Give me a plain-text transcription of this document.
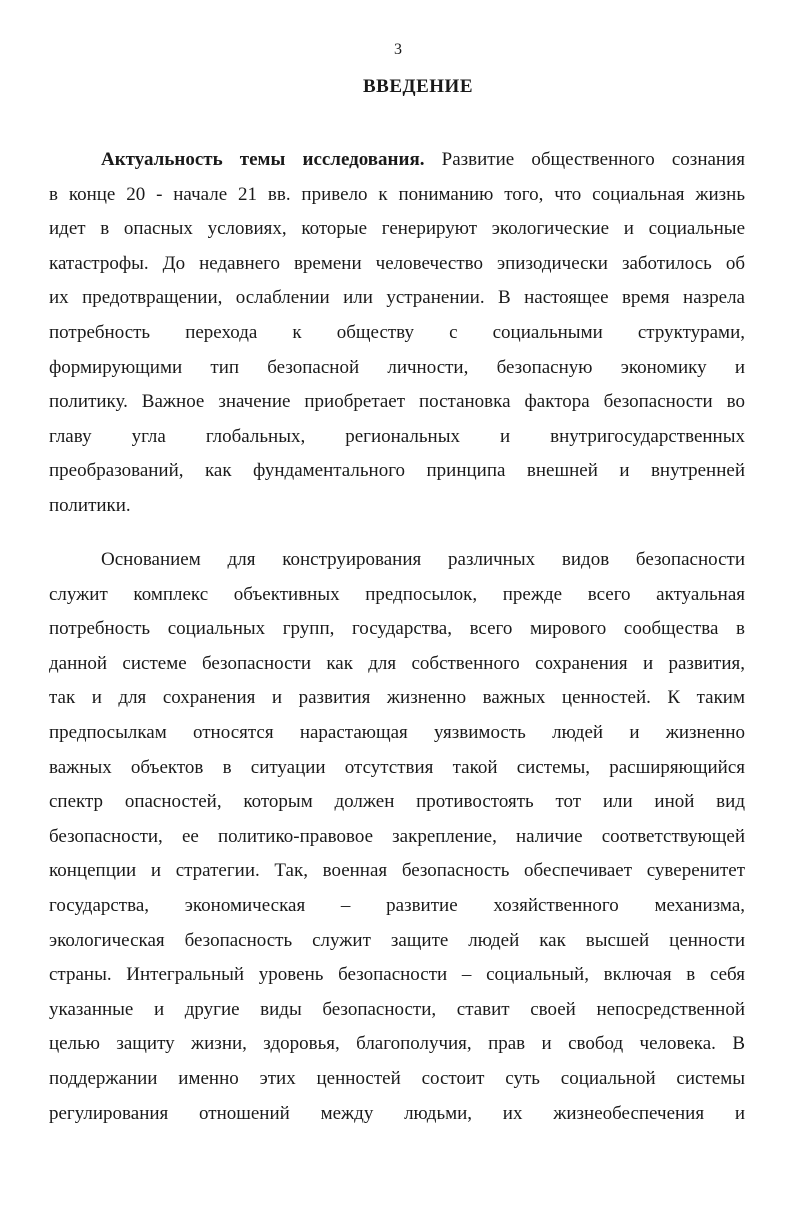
3
ВВЕДЕНИЕ
Актуальность темы исследования. Развитие общественного сознания
в конце 20 - начале 21 вв. привело к пониманию того, что социальная жизнь
идет в опасных условиях, которые генерируют экологические и социальные
катастрофы. До недавнего времени человечество эпизодически заботилось об
их предотвращении, ослаблении или устранении. В настоящее время назрела
потребность перехода к обществу с социальными структурами,
формирующими тип безопасной личности, безопасную экономику и
политику. Важное значение приобретает постановка фактора безопасности во
главу угла глобальных, региональных и внутригосударственных
преобразований, как фундаментального принципа внешней и внутренней
политики.
Основанием для конструирования различных видов безопасности
служит комплекс объективных предпосылок, прежде всего актуальная
потребность социальных групп, государства, всего мирового сообщества в
данной системе безопасности как для собственного сохранения и развития,
так и для сохранения и развития жизненно важных ценностей. К таким
предпосылкам относятся нарастающая уязвимость людей и жизненно
важных объектов в ситуации отсутствия такой системы, расширяющийся
спектр опасностей, которым должен противостоять тот или иной вид
безопасности, ее политико-правовое закрепление, наличие соответствующей
концепции и стратегии. Так, военная безопасность обеспечивает суверенитет
государства, экономическая – развитие хозяйственного механизма,
экологическая безопасность служит защите людей как высшей ценности
страны. Интегральный уровень безопасности – социальный, включая в себя
указанные и другие виды безопасности, ставит своей непосредственной
целью защиту жизни, здоровья, благополучия, прав и свобод человека. В
поддержании именно этих ценностей состоит суть социальной системы
регулирования отношений между людьми, их жизнеобеспечения и
